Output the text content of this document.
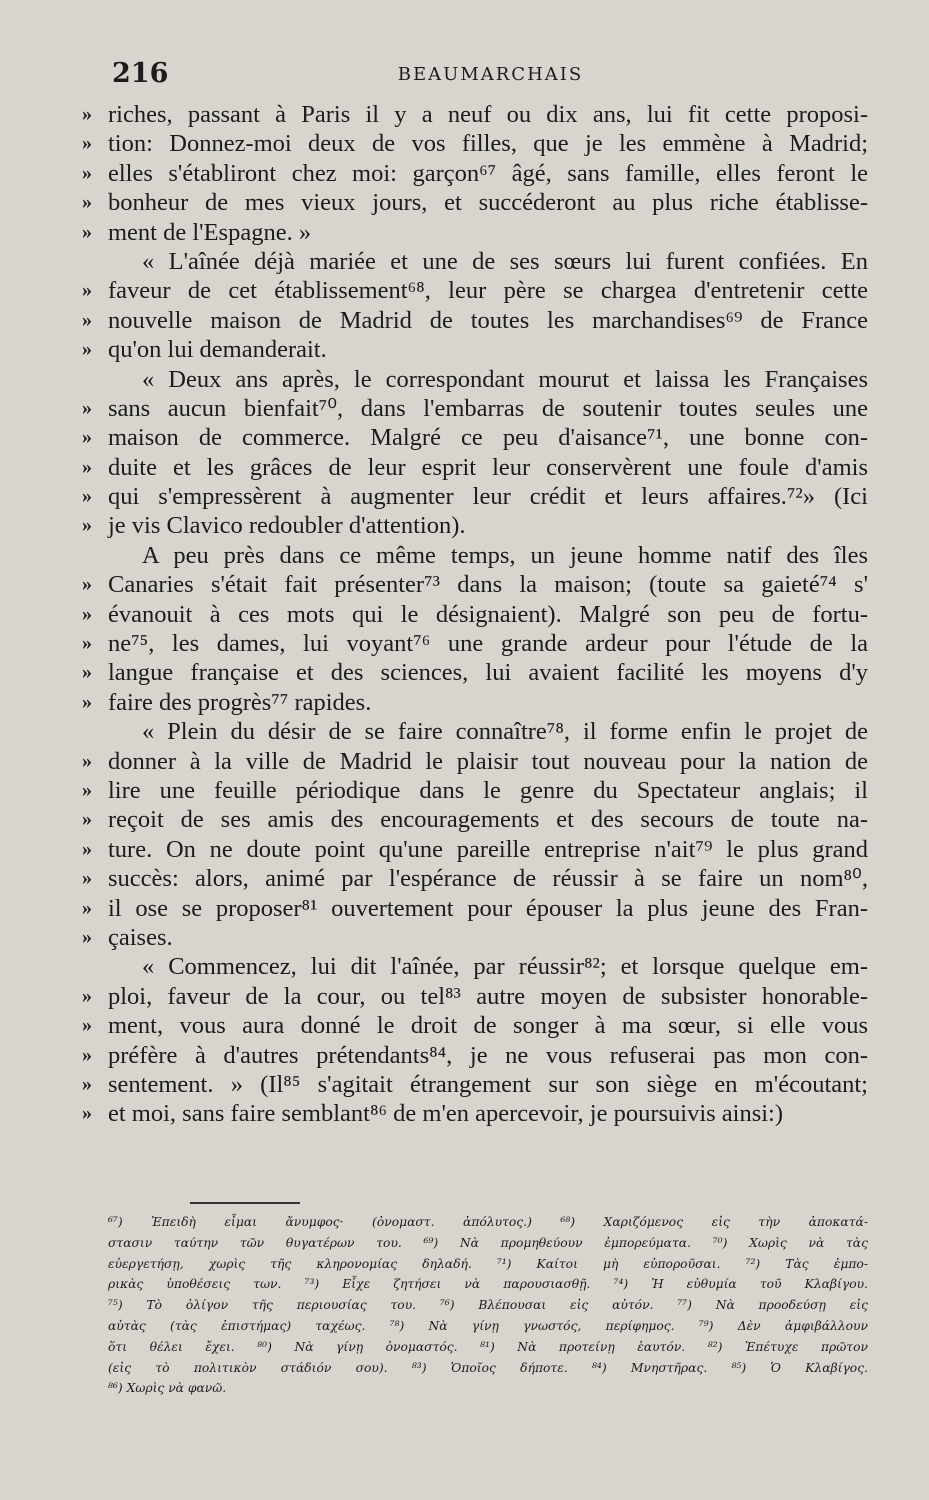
216	BEAUMARCHAIS
» riches, passant à Paris il y a neuf ou dix ans, lui fit cette proposi-
» tion: Donnez-moi deux de vos filles, que je les emmène à Madrid;
» elles s'établiront chez moi: garçon⁶⁷ âgé, sans famille, elles feront le
» bonheur de mes vieux jours, et succéderont au plus riche établisse-
» ment de l'Espagne. »
« L'aînée déjà mariée et une de ses sœurs lui furent confiées. En
» faveur de cet établissement⁶⁸, leur père se chargea d'entretenir cette
» nouvelle maison de Madrid de toutes les marchandises⁶⁹ de France
» qu'on lui demanderait.
« Deux ans après, le correspondant mourut et laissa les Françaises
» sans aucun bienfait⁷⁰, dans l'embarras de soutenir toutes seules une
» maison de commerce. Malgré ce peu d'aisance⁷¹, une bonne con-
» duite et les grâces de leur esprit leur conservèrent une foule d'amis
» qui s'empressèrent à augmenter leur crédit et leurs affaires.⁷²» (Ici
» je vis Clavico redoubler d'attention).
A peu près dans ce même temps, un jeune homme natif des îles
» Canaries s'était fait présenter⁷³ dans la maison; (toute sa gaieté⁷⁴ s'
» évanouit à ces mots qui le désignaient). Malgré son peu de fortu-
» ne⁷⁵, les dames, lui voyant⁷⁶ une grande ardeur pour l'étude de la
» langue française et des sciences, lui avaient facilité les moyens d'y
» faire des progrès⁷⁷ rapides.
« Plein du désir de se faire connaître⁷⁸, il forme enfin le projet de
» donner à la ville de Madrid le plaisir tout nouveau pour la nation de
» lire une feuille périodique dans le genre du Spectateur anglais; il
» reçoit de ses amis des encouragements et des secours de toute na-
» ture. On ne doute point qu'une pareille entreprise n'ait⁷⁹ le plus grand
» succès: alors, animé par l'espérance de réussir à se faire un nom⁸⁰,
» il ose se proposer⁸¹ ouvertement pour épouser la plus jeune des Fran-
» çaises.
« Commencez, lui dit l'aînée, par réussir⁸²; et lorsque quelque em-
» ploi, faveur de la cour, ou tel⁸³ autre moyen de subsister honorable-
» ment, vous aura donné le droit de songer à ma sœur, si elle vous
» préfère à d'autres prétendants⁸⁴, je ne vous refuserai pas mon con-
» sentement. » (Il⁸⁵ s'agitait étrangement sur son siège en m'écoutant;
» et moi, sans faire semblant⁸⁶ de m'en apercevoir, je poursuivis ainsi:)
⁶⁷) Ἐπειδὴ εἶμαι ἄνυμφος· (ὀνομαστ. ἀπόλυτος.) ⁶⁸) Χαριζόμενος εἰς τὴν ἀποκατά-
στασιν ταύτην τῶν θυγατέρων του. ⁶⁹) Νὰ προμηθεύουν ἐμπορεύματα. ⁷⁰) Χωρὶς νὰ τὰς
εὐεργετήσῃ, χωρὶς τῆς κληρονομίας δηλαδή. ⁷¹) Καίτοι μὴ εὐποροῦσαι. ⁷²) Τὰς ἐμπο-
ρικὰς ὑποθέσεις των. ⁷³) Εἶχε ζητήσει νὰ παρουσιασθῇ. ⁷⁴) Ἡ εὐθυμία τοῦ Κλαβίγου.
⁷⁵) Τὸ ὀλίγον τῆς περιουσίας του. ⁷⁶) Βλέπουσαι εἰς αὐτόν. ⁷⁷) Νὰ προοδεύσῃ εἰς
αὐτὰς (τὰς ἐπιστήμας) ταχέως. ⁷⁸) Νὰ γίνῃ γνωστός, περίφημος. ⁷⁹) Δὲν ἀμφιβάλλουν
ὅτι θέλει ἔχει. ⁸⁰) Νὰ γίνῃ ὀνομαστός. ⁸¹) Νὰ προτείνῃ ἑαυτόν. ⁸²) Ἐπέτυχε πρῶτον
(εἰς τὸ πολιτικὸν στάδιόν σου). ⁸³) Ὁποῖος δήποτε. ⁸⁴) Μνηστῆρας. ⁸⁵) Ὁ Κλαβίγος.
⁸⁶) Χωρὶς νὰ φανῶ.
